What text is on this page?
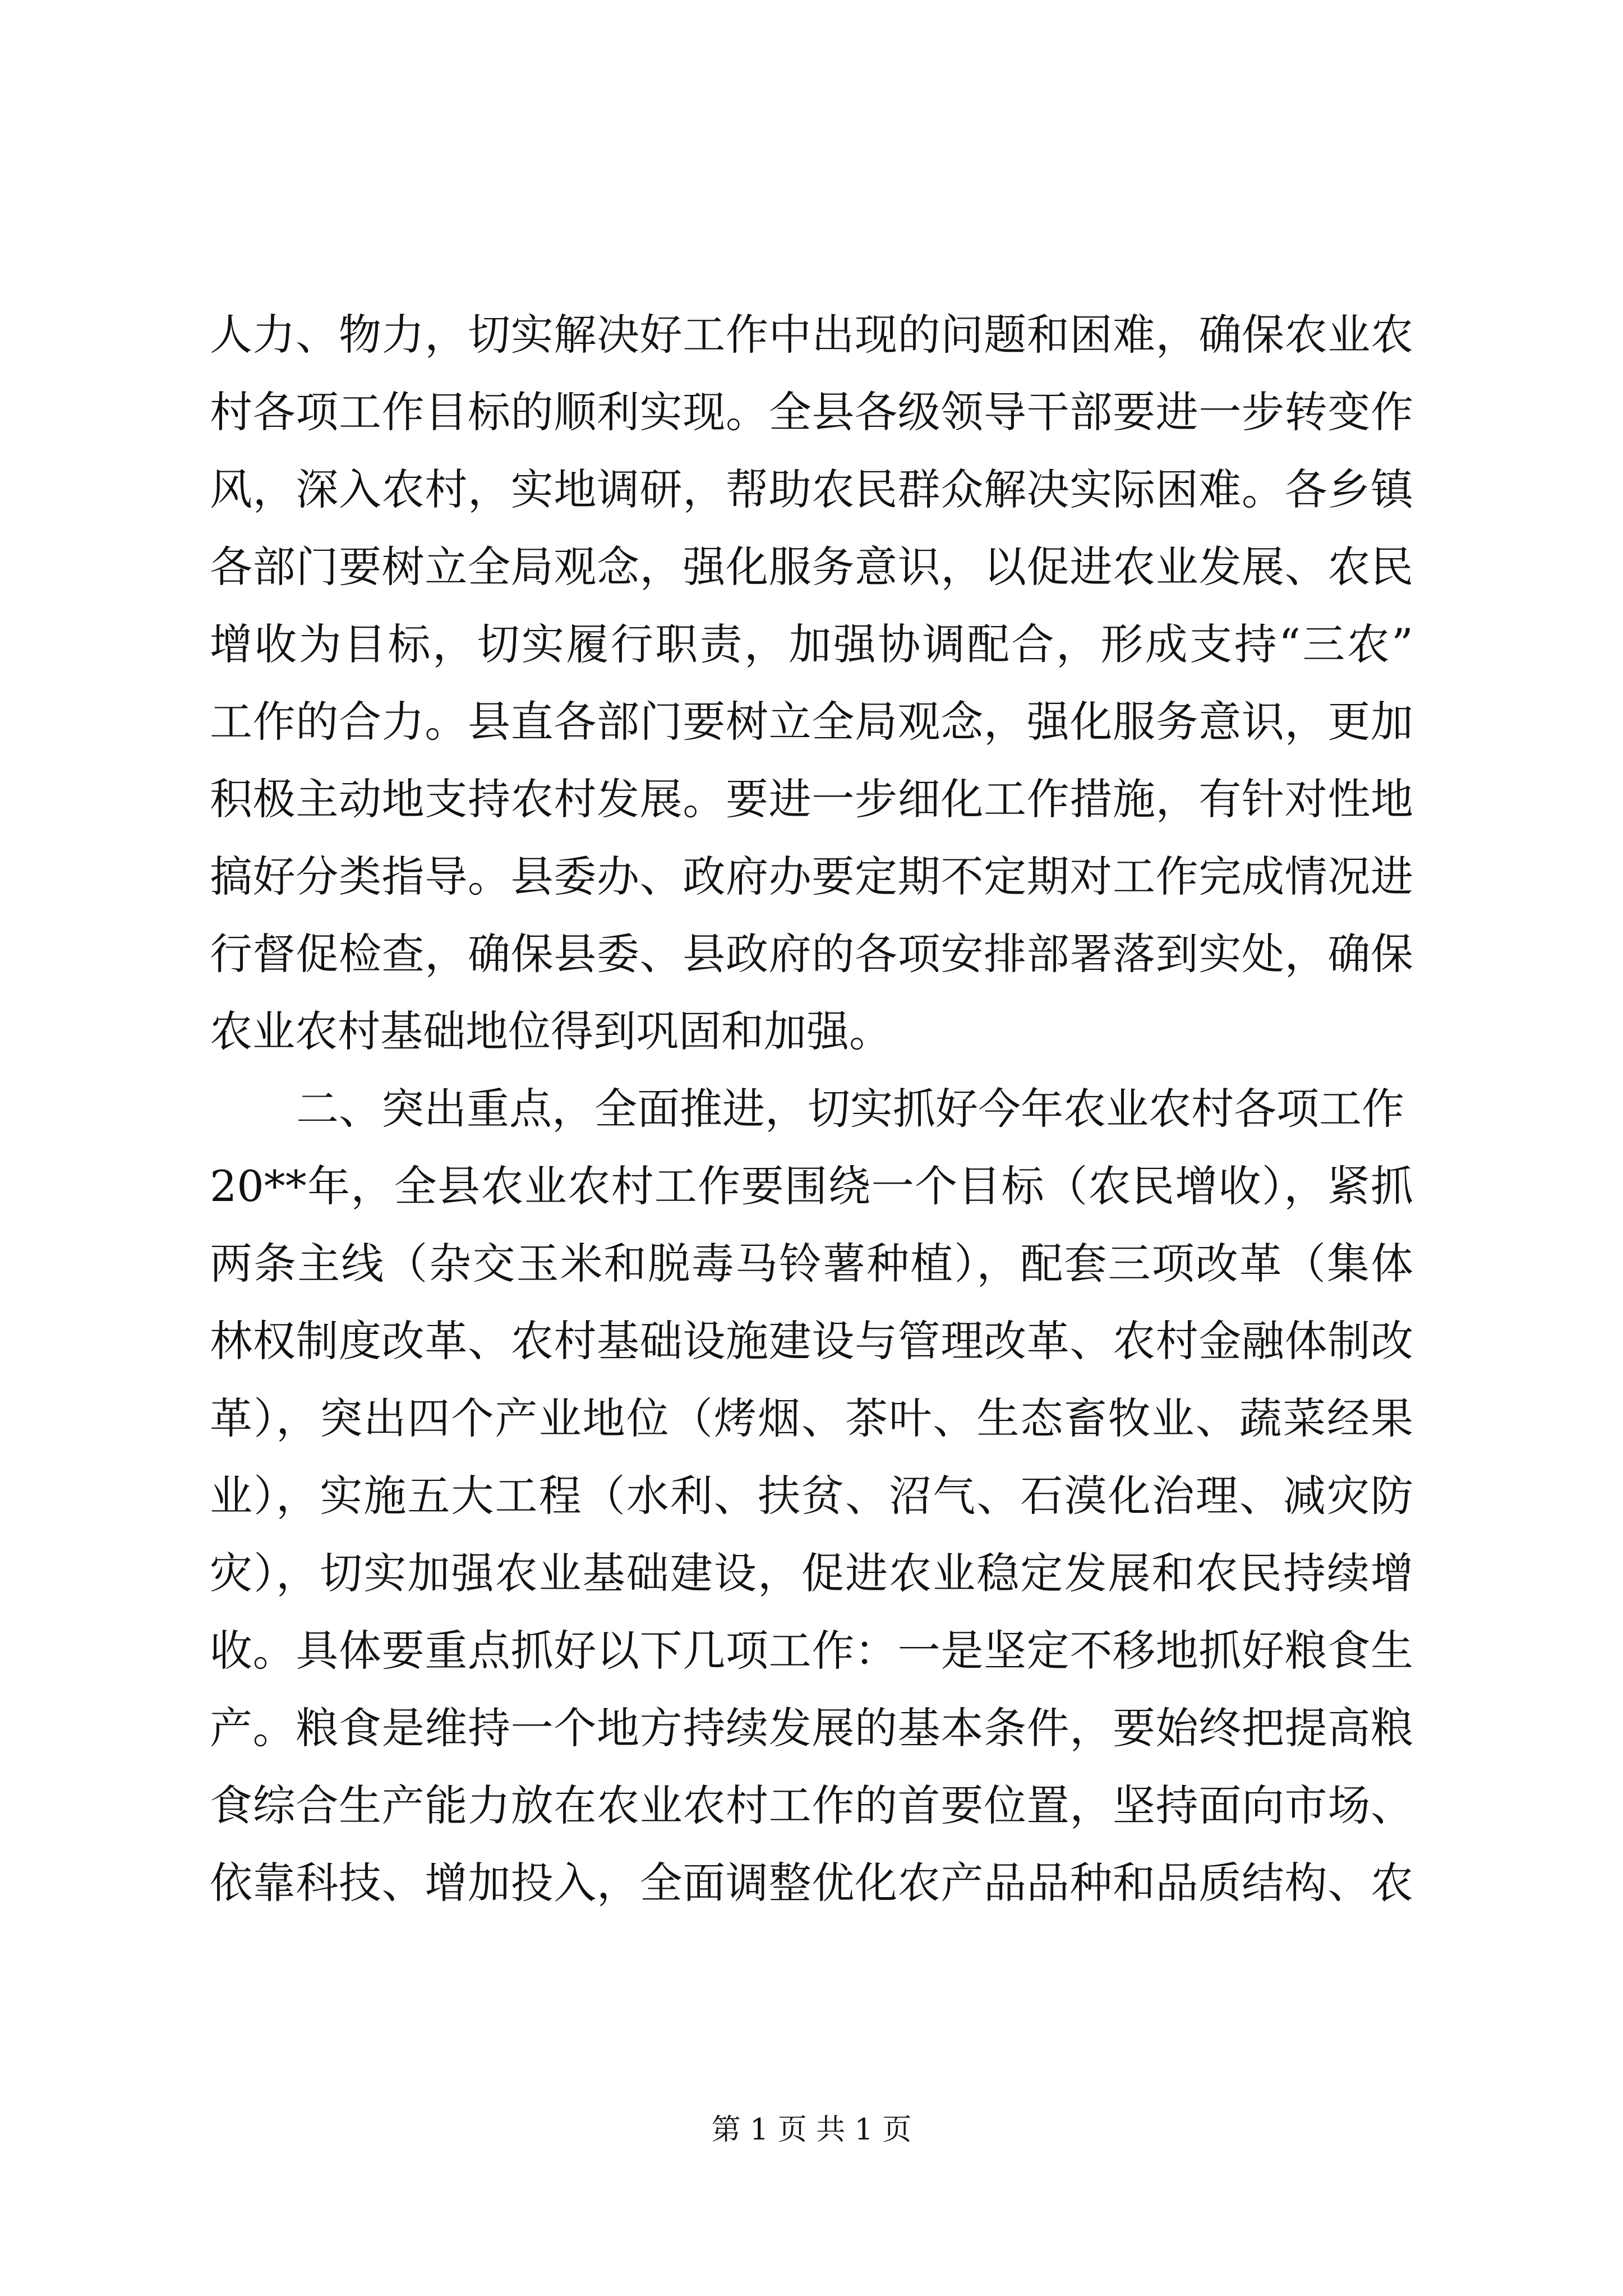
人力、物力，切实解决好工作中出现的问题和困难，确保农业农
村各项工作目标的顺利实现。全县各级领导干部要进一步转变作
风，深入农村，实地调研，帮助农民群众解决实际困难。各乡镇
各部门要树立全局观念，强化服务意识，以促进农业发展、农民
增收为目标，切实履行职责，加强协调配合，形成支持“三农”
工作的合力。县直各部门要树立全局观念，强化服务意识，更加
积极主动地支持农村发展。要进一步细化工作措施，有针对性地
搞好分类指导。县委办、政府办要定期不定期对工作完成情况进
行督促检查，确保县委、县政府的各项安排部署落到实处，确保
农业农村基础地位得到巩固和加强。
二、突出重点，全面推进，切实抓好今年农业农村各项工作
20**年，全县农业农村工作要围绕一个目标（农民增收），紧抓
两条主线（杂交玉米和脱毒马铃薯种植），配套三项改革（集体
林权制度改革、农村基础设施建设与管理改革、农村金融体制改
革），突出四个产业地位（烤烟、茶叶、生态畜牧业、蔬菜经果
业），实施五大工程（水利、扶贫、沼气、石漠化治理、减灾防
灾），切实加强农业基础建设，促进农业稳定发展和农民持续增
收。具体要重点抓好以下几项工作：一是坚定不移地抓好粮食生
产。粮食是维持一个地方持续发展的基本条件，要始终把提高粮
食综合生产能力放在农业农村工作的首要位置，坚持面向市场、
依靠科技、增加投入，全面调整优化农产品品种和品质结构、农
第 1 页 共 1 页
